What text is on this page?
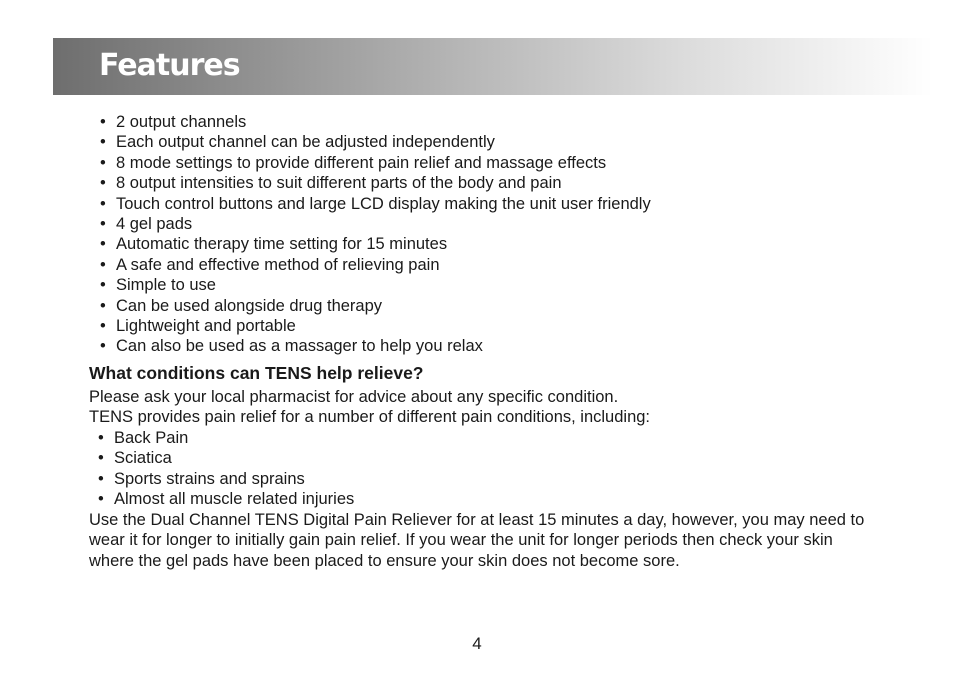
Features
• 2 output channels
• Each output channel can be adjusted independently
• 8 mode settings to provide different pain relief and massage effects
• 8 output intensities to suit different parts of the body and pain
• Touch control buttons and large LCD display making the unit user friendly
• 4 gel pads
• Automatic therapy time setting for 15 minutes
• A safe and effective method of relieving pain
• Simple to use
• Can be used alongside drug therapy
• Lightweight and portable
• Can also be used as a massager to help you relax
What conditions can TENS help relieve?
Please ask your local pharmacist for advice about any specific condition.
TENS provides pain relief for a number of different pain conditions, including:
• Back Pain
• Sciatica
• Sports strains and sprains
• Almost all muscle related injuries
Use the Dual Channel TENS Digital Pain Reliever for at least 15 minutes a day, however, you may need to wear it for longer to initially gain pain relief. If you wear the unit for longer periods then check your skin where the gel pads have been placed to ensure your skin does not become sore.
4
